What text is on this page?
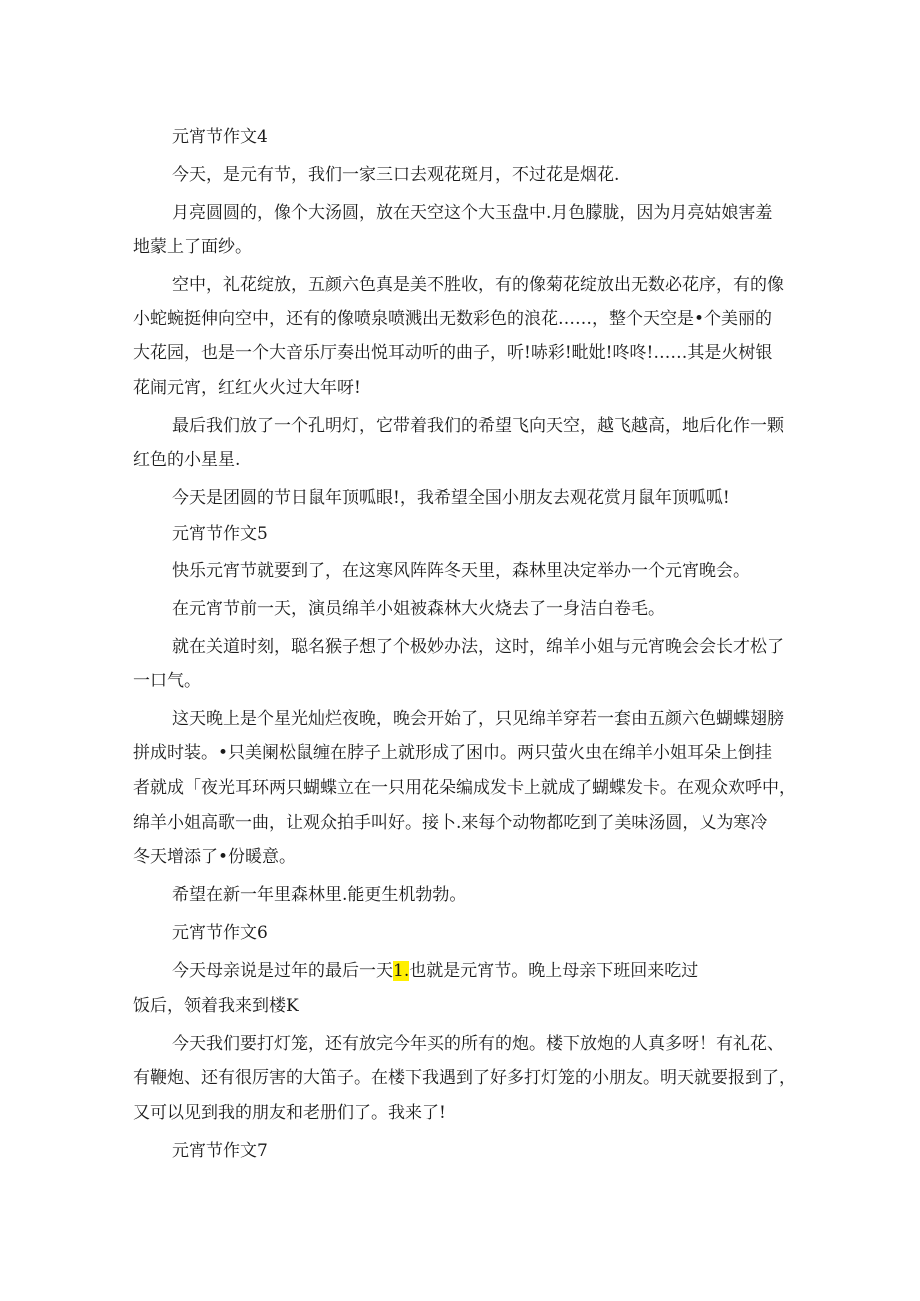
元宵节作文4
今天，是元有节，我们一家三口去观花斑月，不过花是烟花.
月亮圆圆的，像个大汤圆，放在天空这个大玉盘中.月色朦胧，因为月亮姑娘害羞
地蒙上了面纱。
空中，礼花绽放，五颜六色真是美不胜收，有的像菊花绽放出无数必花序，有的像
小蛇蜿挺伸向空中，还有的像喷泉喷溅出无数彩色的浪花……，整个天空是•个美丽的
大花园，也是一个大音乐厅奏出悦耳动听的曲子，听!哧彩!毗妣!咚咚!……其是火树银
花闹元宵，红红火火过大年呀!
最后我们放了一个孔明灯，它带着我们的希望飞向天空，越飞越高，地后化作一颗
红色的小星星.
今天是团圆的节日鼠年顶呱眼!，我希望全国小朋友去观花赏月鼠年顶呱呱!
元宵节作文5
快乐元宵节就要到了，在这寒风阵阵冬天里，森林里决定举办一个元宵晚会。
在元宵节前一天，演员绵羊小姐被森林大火烧去了一身洁白卷毛。
就在关道时刻，聪名猴子想了个极妙办法，这时，绵羊小姐与元宵晚会会长才松了
一口气。
这天晚上是个星光灿烂夜晚，晚会开始了，只见绵羊穿若一套由五颜六色蝴蝶翅膀
拼成时装。•只美阑松鼠缠在脖子上就形成了困巾。两只萤火虫在绵羊小姐耳朵上倒挂
者就成「夜光耳环两只蝴蝶立在一只用花朵编成发卡上就成了蝴蝶发卡。在观众欢呼中，
绵羊小姐高歌一曲，让观众拍手叫好。接卜.来每个动物都吃到了美味汤圆，乂为寒冷
冬天增添了•份暖意。
希望在新一年里森林里.能更生机勃勃。
元宵节作文6
今天母亲说是过年的最后一天1.也就是元宵节。晚上母亲下班回来吃过
饭后，领着我来到楼K
今天我们要打灯笼，还有放完今年买的所有的炮。楼下放炮的人真多呀！有礼花、
有鞭炮、还有很厉害的大笛子。在楼下我遇到了好多打灯笼的小朋友。明天就要报到了，
又可以见到我的朋友和老册们了。我来了!
元宵节作文7
